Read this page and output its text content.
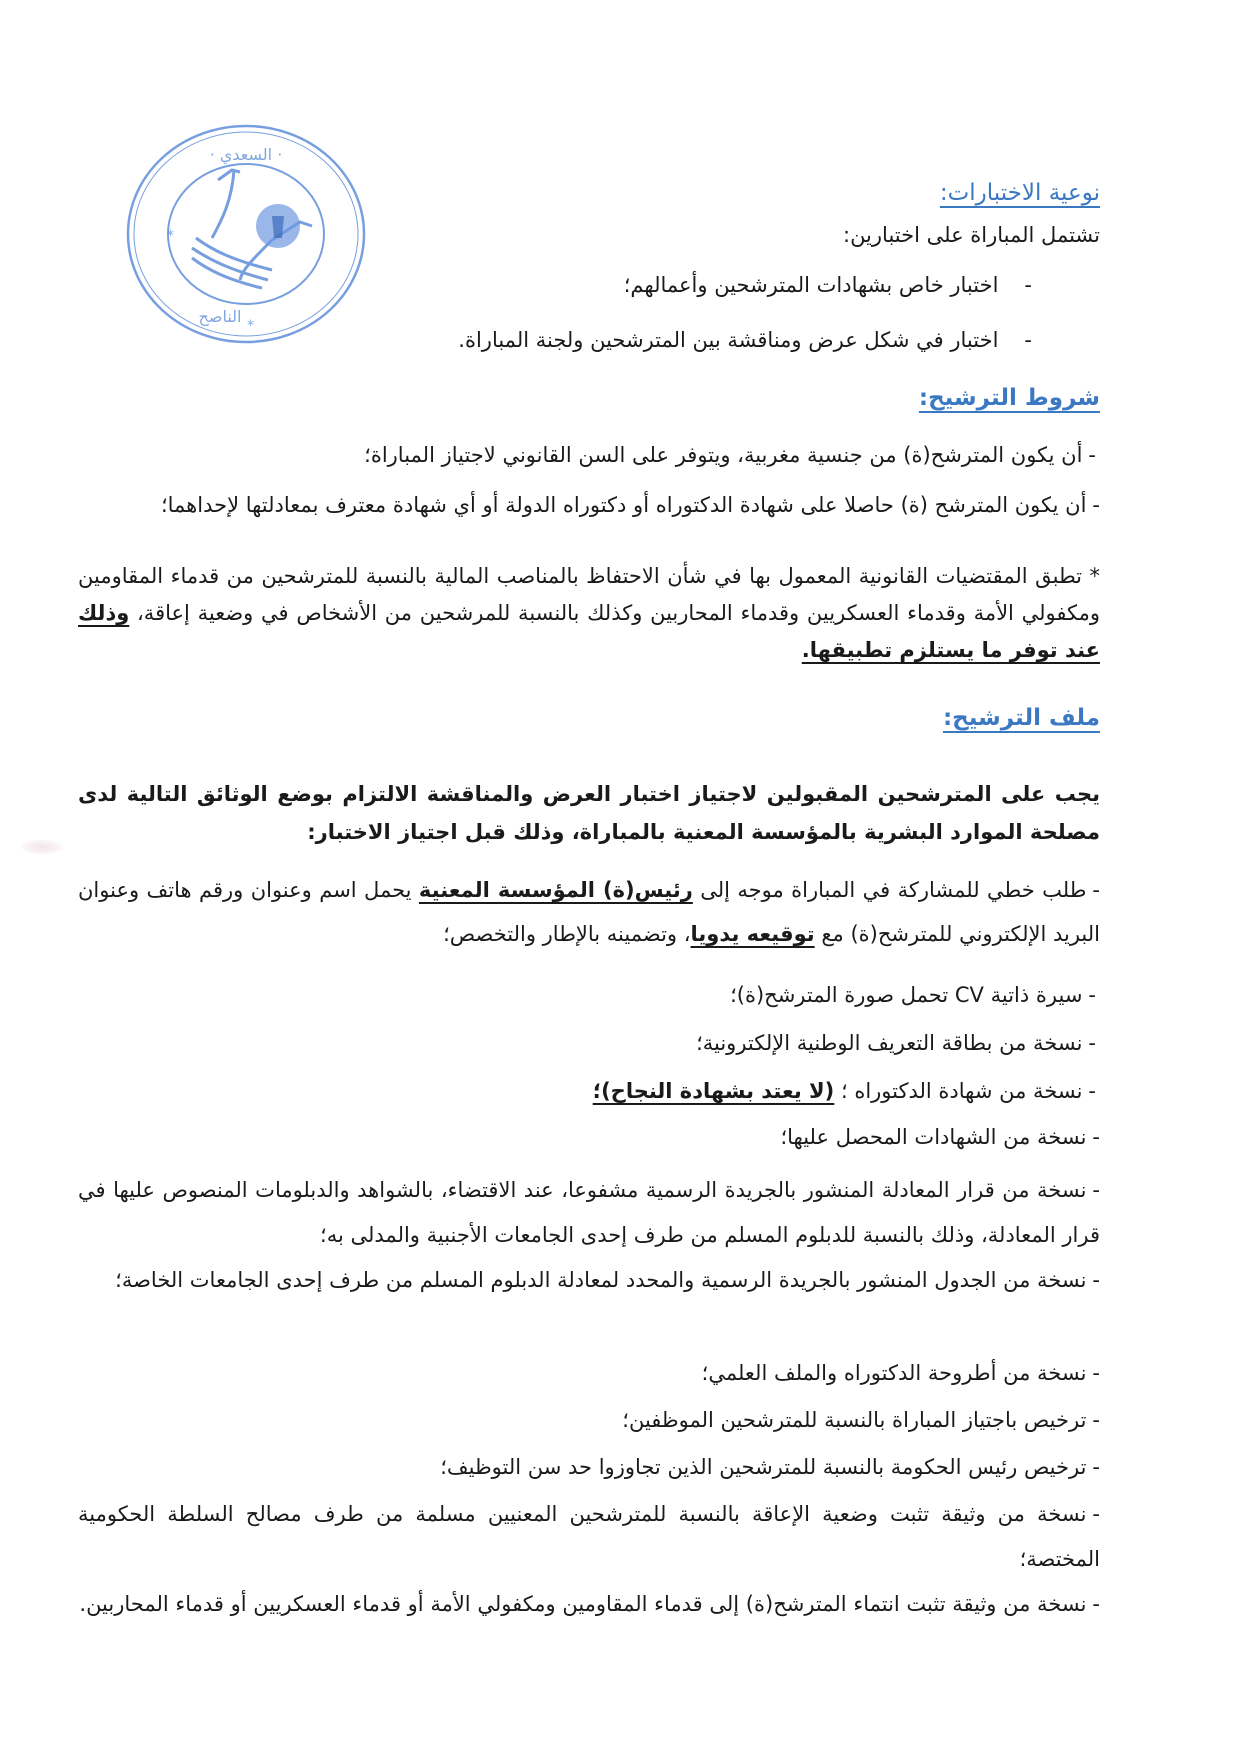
· السعدي ·
*
*
الناصح
نوعية الاختبارات:
تشتمل المباراة على اختبارين:
-اختبار خاص بشهادات المترشحين وأعمالهم؛
-اختبار في شكل عرض ومناقشة بين المترشحين ولجنة المباراة.
شروط الترشيح:
-أن يكون المترشح(ة) من جنسية مغربية، ويتوفر على السن القانوني لاجتياز المباراة؛
-أن يكون المترشح (ة) حاصلا على شهادة الدكتوراه أو دكتوراه الدولة أو أي شهادة معترف بمعادلتها لإحداهما؛
* تطبق المقتضيات القانونية المعمول بها في شأن الاحتفاظ بالمناصب المالية بالنسبة للمترشحين من قدماء المقاومين ومكفولي الأمة وقدماء العسكريين وقدماء المحاربين وكذلك بالنسبة للمرشحين من الأشخاص في وضعية إعاقة، وذلك عند توفر ما يستلزم تطبيقها.
ملف الترشيح:
يجب على المترشحين المقبولين لاجتياز اختبار العرض والمناقشة الالتزام بوضع الوثائق التالية لدى مصلحة الموارد البشرية بالمؤسسة المعنية بالمباراة، وذلك قبل اجتياز الاختبار:
-طلب خطي للمشاركة في المباراة موجه إلى رئيس(ة) المؤسسة المعنية يحمل اسم وعنوان ورقم هاتف وعنوان البريد الإلكتروني للمترشح(ة) مع توقيعه يدويا، وتضمينه بالإطار والتخصص؛
-سيرة ذاتية CV تحمل صورة المترشح(ة)؛
-نسخة من بطاقة التعريف الوطنية الإلكترونية؛
-نسخة من شهادة الدكتوراه ؛ (لا يعتد بشهادة النجاح)؛
-نسخة من الشهادات المحصل عليها؛
-نسخة من قرار المعادلة المنشور بالجريدة الرسمية مشفوعا، عند الاقتضاء، بالشواهد والدبلومات المنصوص عليها في قرار المعادلة، وذلك بالنسبة للدبلوم المسلم من طرف إحدى الجامعات الأجنبية والمدلى به؛
-نسخة من الجدول المنشور بالجريدة الرسمية والمحدد لمعادلة الدبلوم المسلم من طرف إحدى الجامعات الخاصة؛
-نسخة من أطروحة الدكتوراه والملف العلمي؛
-ترخيص باجتياز المباراة بالنسبة للمترشحين الموظفين؛
-ترخيص رئيس الحكومة بالنسبة للمترشحين الذين تجاوزوا حد سن التوظيف؛
-نسخة من وثيقة تثبت وضعية الإعاقة بالنسبة للمترشحين المعنيين مسلمة من طرف مصالح السلطة الحكومية المختصة؛
-نسخة من وثيقة تثبت انتماء المترشح(ة) إلى قدماء المقاومين ومكفولي الأمة أو قدماء العسكريين أو قدماء المحاربين.
